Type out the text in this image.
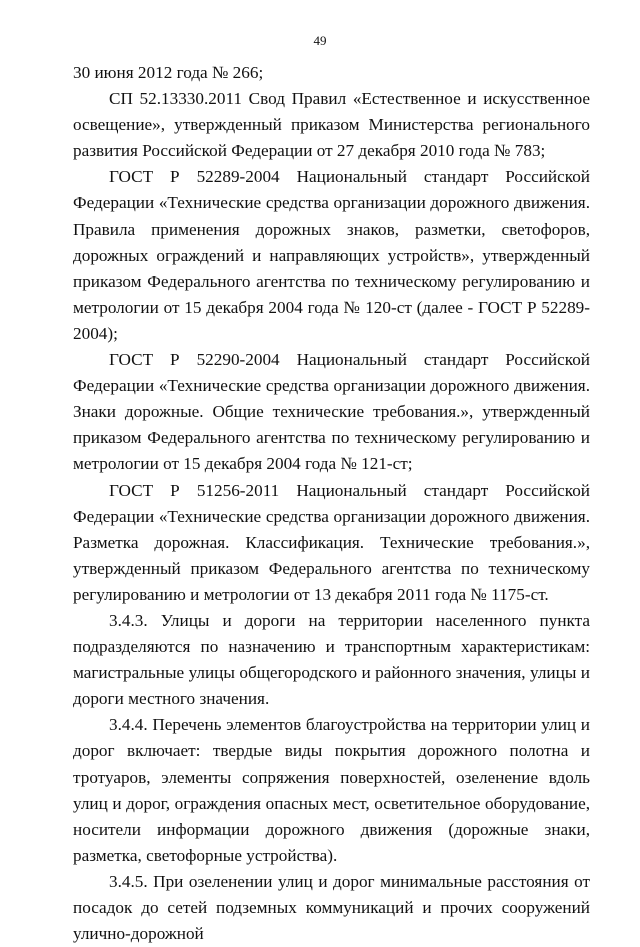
49

30 июня 2012 года № 266;

СП 52.13330.2011 Свод Правил «Естественное и искусственное освещение», утвержденный приказом Министерства регионального развития Российской Федерации от 27 декабря 2010 года № 783;

ГОСТ Р 52289-2004 Национальный стандарт Российской Федерации «Технические средства организации дорожного движения. Правила применения дорожных знаков, разметки, светофоров, дорожных ограждений и направляющих устройств», утвержденный приказом Федерального агентства по техническому регулированию и метрологии от 15 декабря 2004 года № 120-ст (далее - ГОСТ Р 52289-2004);

ГОСТ Р 52290-2004 Национальный стандарт Российской Федерации «Технические средства организации дорожного движения. Знаки дорожные. Общие технические требования.», утвержденный приказом Федерального агентства по техническому регулированию и метрологии от 15 декабря 2004 года № 121-ст;

ГОСТ Р 51256-2011 Национальный стандарт Российской Федерации «Технические средства организации дорожного движения. Разметка дорожная. Классификация. Технические требования.», утвержденный приказом Федерального агентства по техническому регулированию и метрологии от 13 декабря 2011 года № 1175-ст.

3.4.3. Улицы и дороги на территории населенного пункта подразделяются по назначению и транспортным характеристикам: магистральные улицы общегородского и районного значения, улицы и дороги местного значения.

3.4.4. Перечень элементов благоустройства на территории улиц и дорог включает: твердые виды покрытия дорожного полотна и тротуаров, элементы сопряжения поверхностей, озеленение вдоль улиц и дорог, ограждения опасных мест, осветительное оборудование, носители информации дорожного движения (дорожные знаки, разметка, светофорные устройства).

3.4.5. При озеленении улиц и дорог минимальные расстояния от посадок до сетей подземных коммуникаций и прочих сооружений улично-дорожной
